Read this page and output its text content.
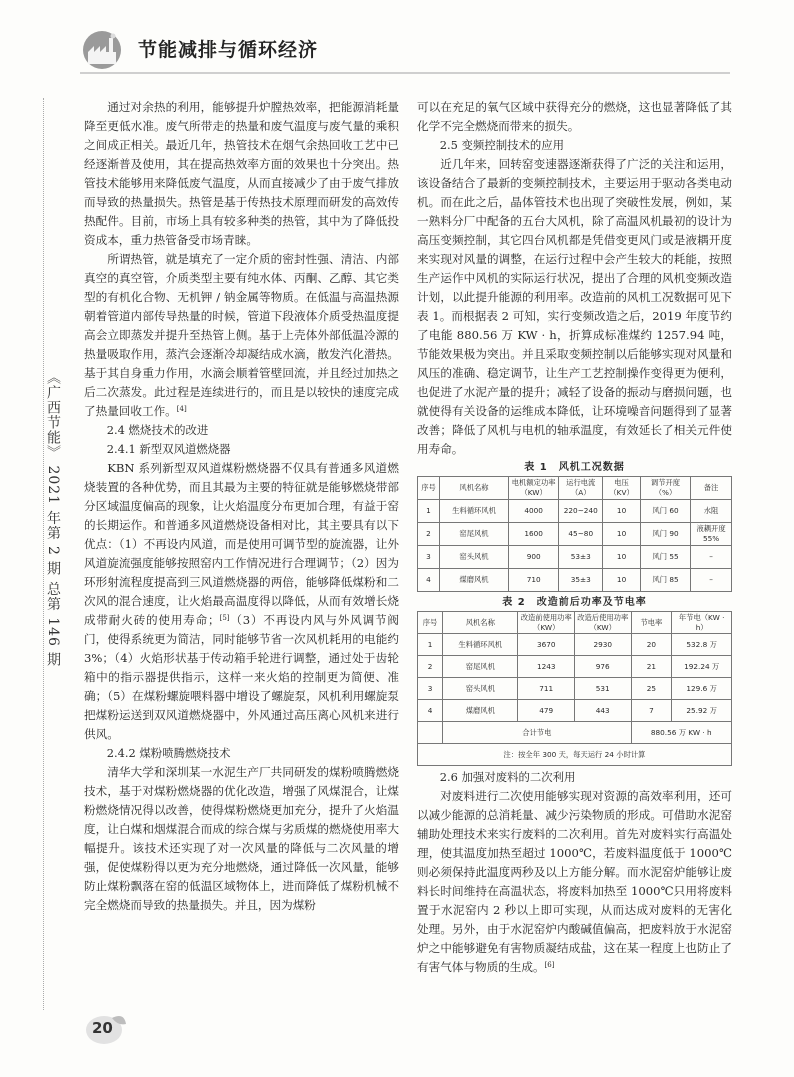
节能减排与循环经济
《广西节能》 2021 年第 2 期 总第 146 期

通过对余热的利用，能够提升炉膛热效率，把能源消耗量降至更低水准。废气所带走的热量和废气温度与废气量的乘积之间成正相关。最近几年，热管技术在烟气余热回收工艺中已经逐渐普及使用，其在提高热效率方面的效果也十分突出。热管技术能够用来降低废气温度，从而直接减少了由于废气排放而导致的热量损失。热管是基于传热技术原理而研发的高效传热配件。目前，市场上具有较多种类的热管，其中为了降低投资成本，重力热管备受市场青睐。

所谓热管，就是填充了一定介质的密封性强、清洁、内部真空的真空管，介质类型主要有纯水体、丙酮、乙醇、其它类型的有机化合物、无机钾 / 钠金属等物质。在低温与高温热源朝着管道内部传导热量的时候，管道下段液体介质受热温度提高会立即蒸发并提升至热管上侧。基于上壳体外部低温冷源的热量吸取作用，蒸汽会逐渐冷却凝结成水滴，散发汽化潜热。基于其自身重力作用，水滴会顺着管壁回流，并且经过加热之后二次蒸发。此过程是连续进行的，而且是以较快的速度完成了热量回收工作。[4]

2.4 燃烧技术的改进
2.4.1 新型双风道燃烧器

KBN 系列新型双风道煤粉燃烧器不仅具有普通多风道燃烧装置的各种优势，而且其最为主要的特征就是能够燃烧带部分区域温度偏高的现象，让火焰温度分布更加合理，有益于窑的长期运作。和普通多风道燃烧设备相对比，其主要具有以下优点：（1）不再设内风道，而是使用可调节型的旋流器，让外风道旋流强度能够按照窑内工作情况进行合理调节；（2）因为环形射流程度提高到三风道燃烧器的两倍，能够降低煤粉和二次风的混合速度，让火焰最高温度得以降低，从而有效增长烧成带耐火砖的使用寿命；[5]（3）不再设内风与外风调节阀门，使得系统更为简洁，同时能够节省一次风机耗用的电能约 3%；（4）火焰形状基于传动箱手轮进行调整，通过处于齿轮箱中的指示器提供指示，这样一来火焰的控制更为简便、准确；（5）在煤粉螺旋喂料器中增设了螺旋泵，风机利用螺旋泵把煤粉运送到双风道燃烧器中，外风通过高压离心风机来进行供风。

2.4.2 煤粉喷腾燃烧技术

清华大学和深圳某一水泥生产厂共同研发的煤粉喷腾燃烧技术，基于对煤粉燃烧器的优化改造，增强了风煤混合，让煤粉燃烧情况得以改善，使得煤粉燃烧更加充分，提升了火焰温度，让白煤和烟煤混合而成的综合煤与劣质煤的燃烧使用率大幅提升。该技术还实现了对一次风量的降低与二次风量的增强，促使煤粉得以更为充分地燃烧，通过降低一次风量，能够防止煤粉飘落在窑的低温区域物体上，进而降低了煤粉机械不完全燃烧而导致的热量损失。并且，因为煤粉

可以在充足的氧气区域中获得充分的燃烧，这也显著降低了其化学不完全燃烧而带来的损失。

2.5 变频控制技术的应用

近几年来，回转窑变速器逐渐获得了广泛的关注和运用，该设备结合了最新的变频控制技术，主要运用于驱动各类电动机。而在此之后，晶体管技术也出现了突破性发展，例如，某一熟料分厂中配备的五台大风机，除了高温风机最初的设计为高压变频控制，其它四台风机都是凭借变更风门或是液耦开度来实现对风量的调整，在运行过程中会产生较大的耗能，按照生产运作中风机的实际运行状况，提出了合理的风机变频改造计划，以此提升能源的利用率。改造前的风机工况数据可见下表 1。而根据表 2 可知，实行变频改造之后，2019 年度节约了电能 880.56 万 KW · h，折算成标准煤约 1257.94 吨，节能效果极为突出。并且采取变频控制以后能够实现对风量和风压的准确、稳定调节，让生产工艺控制操作变得更为便利，也促进了水泥产量的提升；减轻了设备的振动与磨损问题，也就使得有关设备的运维成本降低，让环境噪音问题得到了显著改善；降低了风机与电机的轴承温度，有效延长了相关元件使用寿命。

表 1　风机工况数据
序号	风机名称	电机额定功率（KW）	运行电流（A）	电压（KV）	调节开度（%）	备注
1	生料循环风机	4000	220~240	10	风门 60	水阻
2	窑尾风机	1600	45~80	10	风门 90	液耦开度 55%
3	窑头风机	900	53±3	10	风门 55	–
4	煤磨风机	710	35±3	10	风门 85	–
表 2　改造前后功率及节电率
序号	风机名称	改造前使用功率（KW）	改造后使用功率（KW）	节电率	年节电（KW · h）
1	生料循环风机	3670	2930	20	532.8 万
2	窑尾风机	1243	976	21	192.24 万
3	窑头风机	711	531	25	129.6 万
4	煤磨风机	479	443	7	25.92 万
	合计节电			880.56 万 KW · h	
注：按全年 300 天，每天运行 24 小时计算					
2.6 加强对废料的二次利用

对废料进行二次使用能够实现对资源的高效率利用，还可以减少能源的总消耗量、减少污染物质的形成。可借助水泥窑辅助处理技术来实行废料的二次利用。首先对废料实行高温处理，使其温度加热至超过 1000℃，若废料温度低于 1000℃则必须保持此温度两秒及以上方能分解。而水泥窑炉能够让废料长时间维持在高温状态，将废料加热至 1000℃只用将废料置于水泥窑内 2 秒以上即可实现，从而达成对废料的无害化处理。另外，由于水泥窑炉内酸碱值偏高，把废料放于水泥窑炉之中能够避免有害物质凝结成盐，这在某一程度上也防止了有害气体与物质的生成。[6]

20
